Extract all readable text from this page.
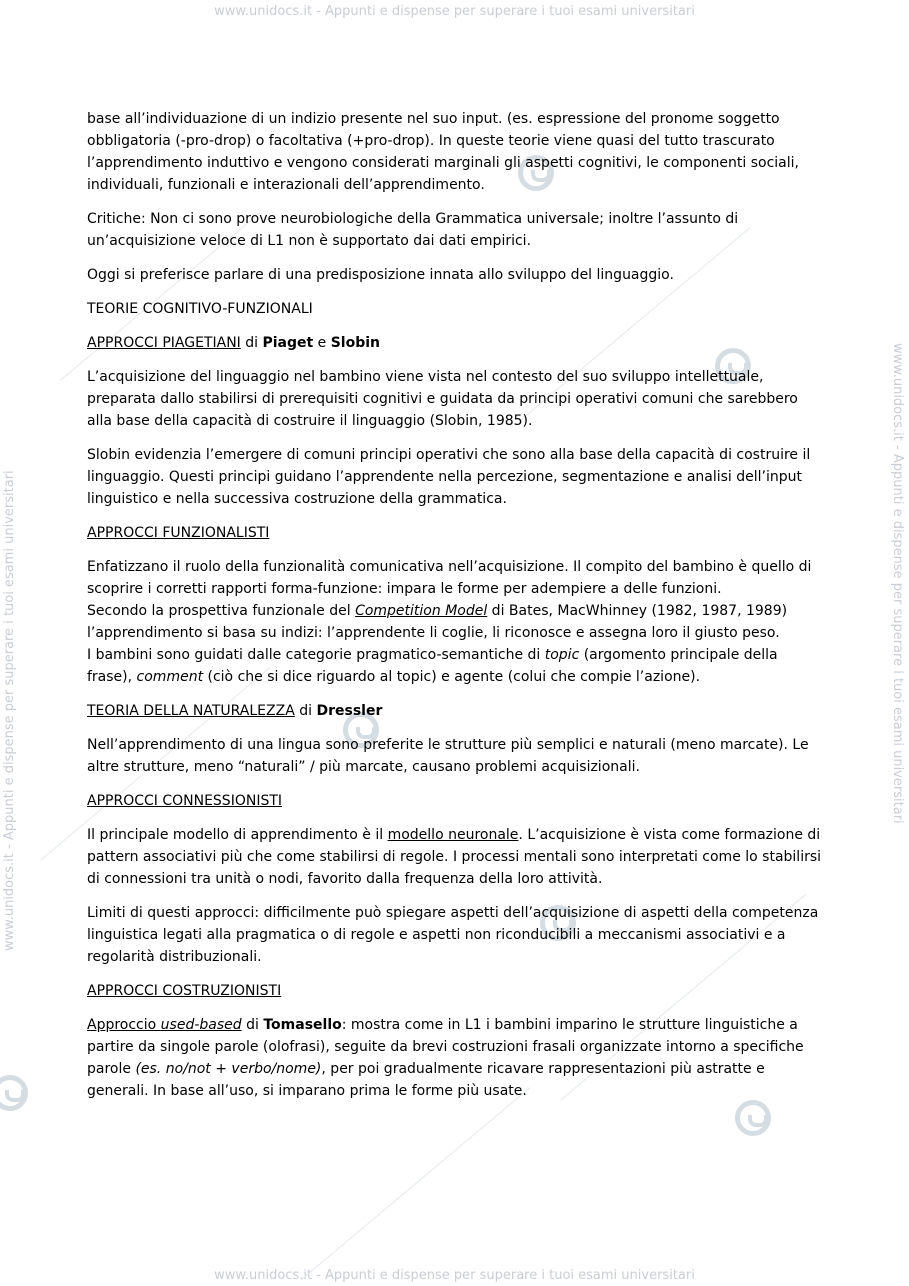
www.unidocs.it - Appunti e dispense per superare i tuoi esami universitari
www.unidocs.it - Appunti e dispense per superare i tuoi esami universitari
www.unidocs.it - Appunti e dispense per superare i tuoi esami universitari	www.unidocs.it - Appunti e dispense per superare i tuoi esami universitari

base all’individuazione di un indizio presente nel suo input. (es. espressione del pronome soggetto obbligatoria (-pro-drop) o facoltativa (+pro-drop). In queste teorie viene quasi del tutto trascurato l’apprendimento induttivo e vengono considerati marginali gli aspetti cognitivi, le componenti sociali, individuali, funzionali e interazionali dell’apprendimento.

Critiche: Non ci sono prove neurobiologiche della Grammatica universale; inoltre l’assunto di un’acquisizione veloce di L1 non è supportato dai dati empirici.

Oggi si preferisce parlare di una predisposizione innata allo sviluppo del linguaggio.

TEORIE COGNITIVO-FUNZIONALI

APPROCCI PIAGETIANI di Piaget e Slobin

L’acquisizione del linguaggio nel bambino viene vista nel contesto del suo sviluppo intellettuale, preparata dallo stabilirsi di prerequisiti cognitivi e guidata da principi operativi comuni che sarebbero alla base della capacità di costruire il linguaggio (Slobin, 1985).

Slobin evidenzia l’emergere di comuni principi operativi che sono alla base della capacità di costruire il linguaggio. Questi principi guidano l’apprendente nella percezione, segmentazione e analisi dell’input linguistico e nella successiva costruzione della grammatica.

APPROCCI FUNZIONALISTI

Enfatizzano il ruolo della funzionalità comunicativa nell’acquisizione. Il compito del bambino è quello di scoprire i corretti rapporti forma-funzione: impara le forme per adempiere a delle funzioni.
Secondo la prospettiva funzionale del Competition Model di Bates, MacWhinney (1982, 1987, 1989) l’apprendimento si basa su indizi: l’apprendente li coglie, li riconosce e assegna loro il giusto peso.
I bambini sono guidati dalle categorie pragmatico-semantiche di topic (argomento principale della frase), comment (ciò che si dice riguardo al topic) e agente (colui che compie l’azione).

TEORIA DELLA NATURALEZZA di Dressler

Nell’apprendimento di una lingua sono preferite le strutture più semplici e naturali (meno marcate). Le altre strutture, meno “naturali” / più marcate, causano problemi acquisizionali.

APPROCCI CONNESSIONISTI

Il principale modello di apprendimento è il modello neuronale. L’acquisizione è vista come formazione di pattern associativi più che come stabilirsi di regole. I processi mentali sono interpretati come lo stabilirsi di connessioni tra unità o nodi, favorito dalla frequenza della loro attività.

Limiti di questi approcci: difficilmente può spiegare aspetti dell’acquisizione di aspetti della competenza linguistica legati alla pragmatica o di regole e aspetti non riconducibili a meccanismi associativi e a regolarità distribuzionali.

APPROCCI COSTRUZIONISTI

Approccio used-based di Tomasello: mostra come in L1 i bambini imparino le strutture linguistiche a partire da singole parole (olofrasi), seguite da brevi costruzioni frasali organizzate intorno a specifiche parole (es. no/not + verbo/nome), per poi gradualmente ricavare rappresentazioni più astratte e generali. In base all’uso, si imparano prima le forme più usate.
